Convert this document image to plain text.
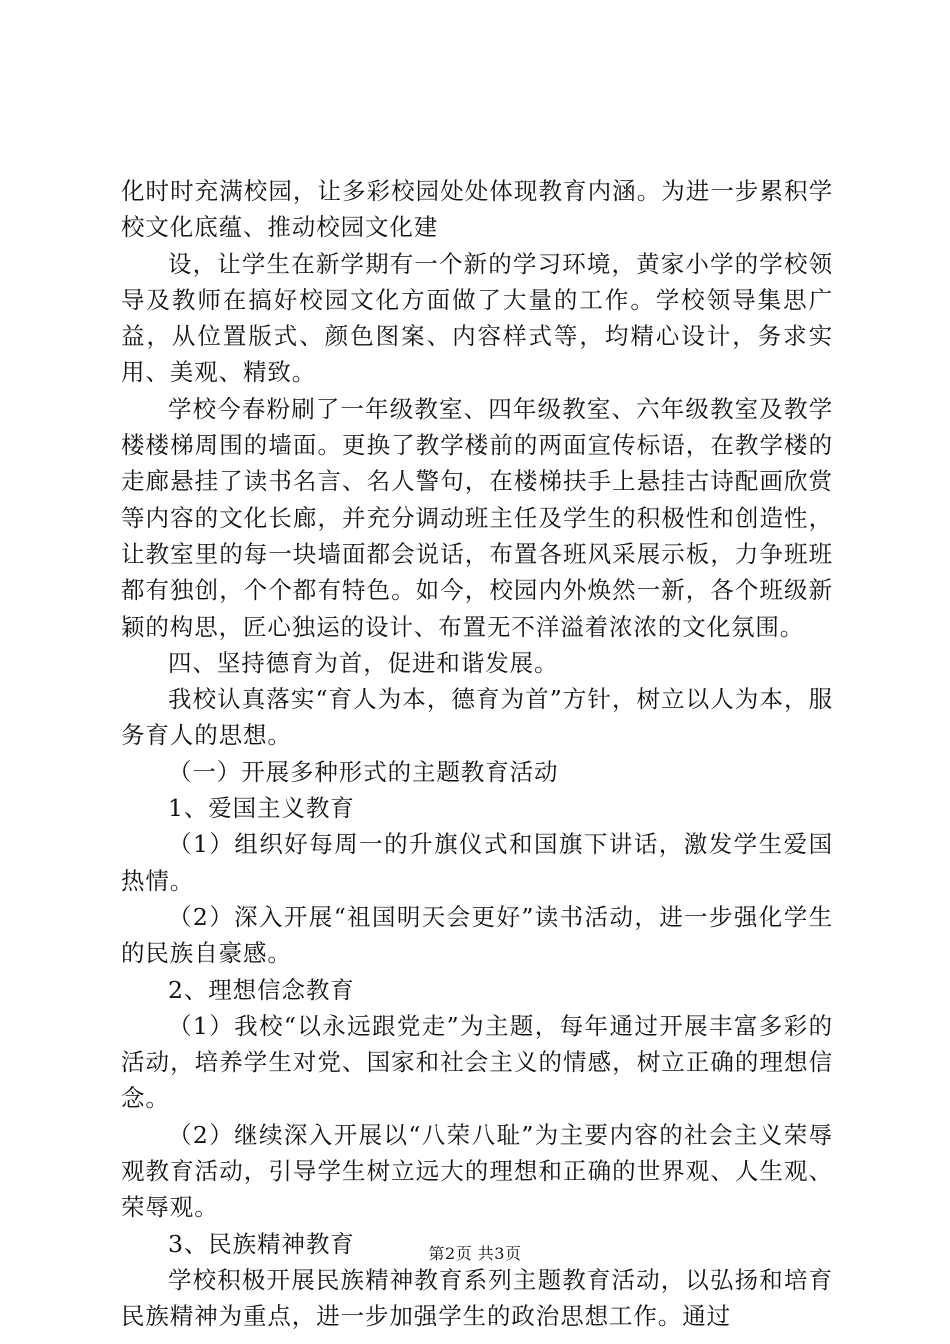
化时时充满校园，让多彩校园处处体现教育内涵。为进一步累积学校文化底蕴、推动校园文化建

设，让学生在新学期有一个新的学习环境，黄家小学的学校领导及教师在搞好校园文化方面做了大量的工作。学校领导集思广益，从位置版式、颜色图案、内容样式等，均精心设计，务求实用、美观、精致。

学校今春粉刷了一年级教室、四年级教室、六年级教室及教学楼楼梯周围的墙面。更换了教学楼前的两面宣传标语，在教学楼的走廊悬挂了读书名言、名人警句，在楼梯扶手上悬挂古诗配画欣赏等内容的文化长廊，并充分调动班主任及学生的积极性和创造性，让教室里的每一块墙面都会说话，布置各班风采展示板，力争班班都有独创，个个都有特色。如今，校园内外焕然一新，各个班级新颖的构思，匠心独运的设计、布置无不洋溢着浓浓的文化氛围。

四、坚持德育为首，促进和谐发展。

我校认真落实“育人为本，德育为首”方针，树立以人为本，服务育人的思想。

（一）开展多种形式的主题教育活动

1、爱国主义教育

（1）组织好每周一的升旗仪式和国旗下讲话，激发学生爱国热情。

（2）深入开展“祖国明天会更好”读书活动，进一步强化学生的民族自豪感。

2、理想信念教育

（1）我校“以永远跟党走”为主题，每年通过开展丰富多彩的活动，培养学生对党、国家和社会主义的情感，树立正确的理想信念。

（2）继续深入开展以“八荣八耻”为主要内容的社会主义荣辱观教育活动，引导学生树立远大的理想和正确的世界观、人生观、荣辱观。

3、民族精神教育

学校积极开展民族精神教育系列主题教育活动，以弘扬和培育民族精神为重点，进一步加强学生的政治思想工作。通过

第2页 共3页
